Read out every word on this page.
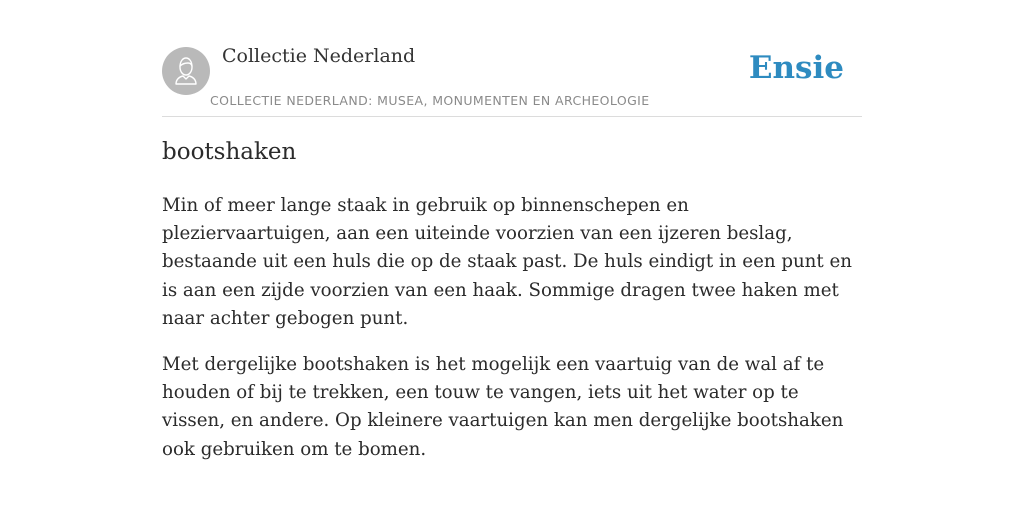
Collectie Nederland
COLLECTIE NEDERLAND: MUSEA, MONUMENTEN EN ARCHEOLOGIE
Ensie
bootshaken

Min of meer lange staak in gebruik op binnenschepen en pleziervaartuigen, aan een uiteinde voorzien van een ijzeren beslag, bestaande uit een huls die op de staak past. De huls eindigt in een punt en is aan een zijde voorzien van een haak. Sommige dragen twee haken met naar achter gebogen punt.

Met dergelijke bootshaken is het mogelijk een vaartuig van de wal af te houden of bij te trekken, een touw te vangen, iets uit het water op te vissen, en andere. Op kleinere vaartuigen kan men dergelijke bootshaken ook gebruiken om te bomen.
